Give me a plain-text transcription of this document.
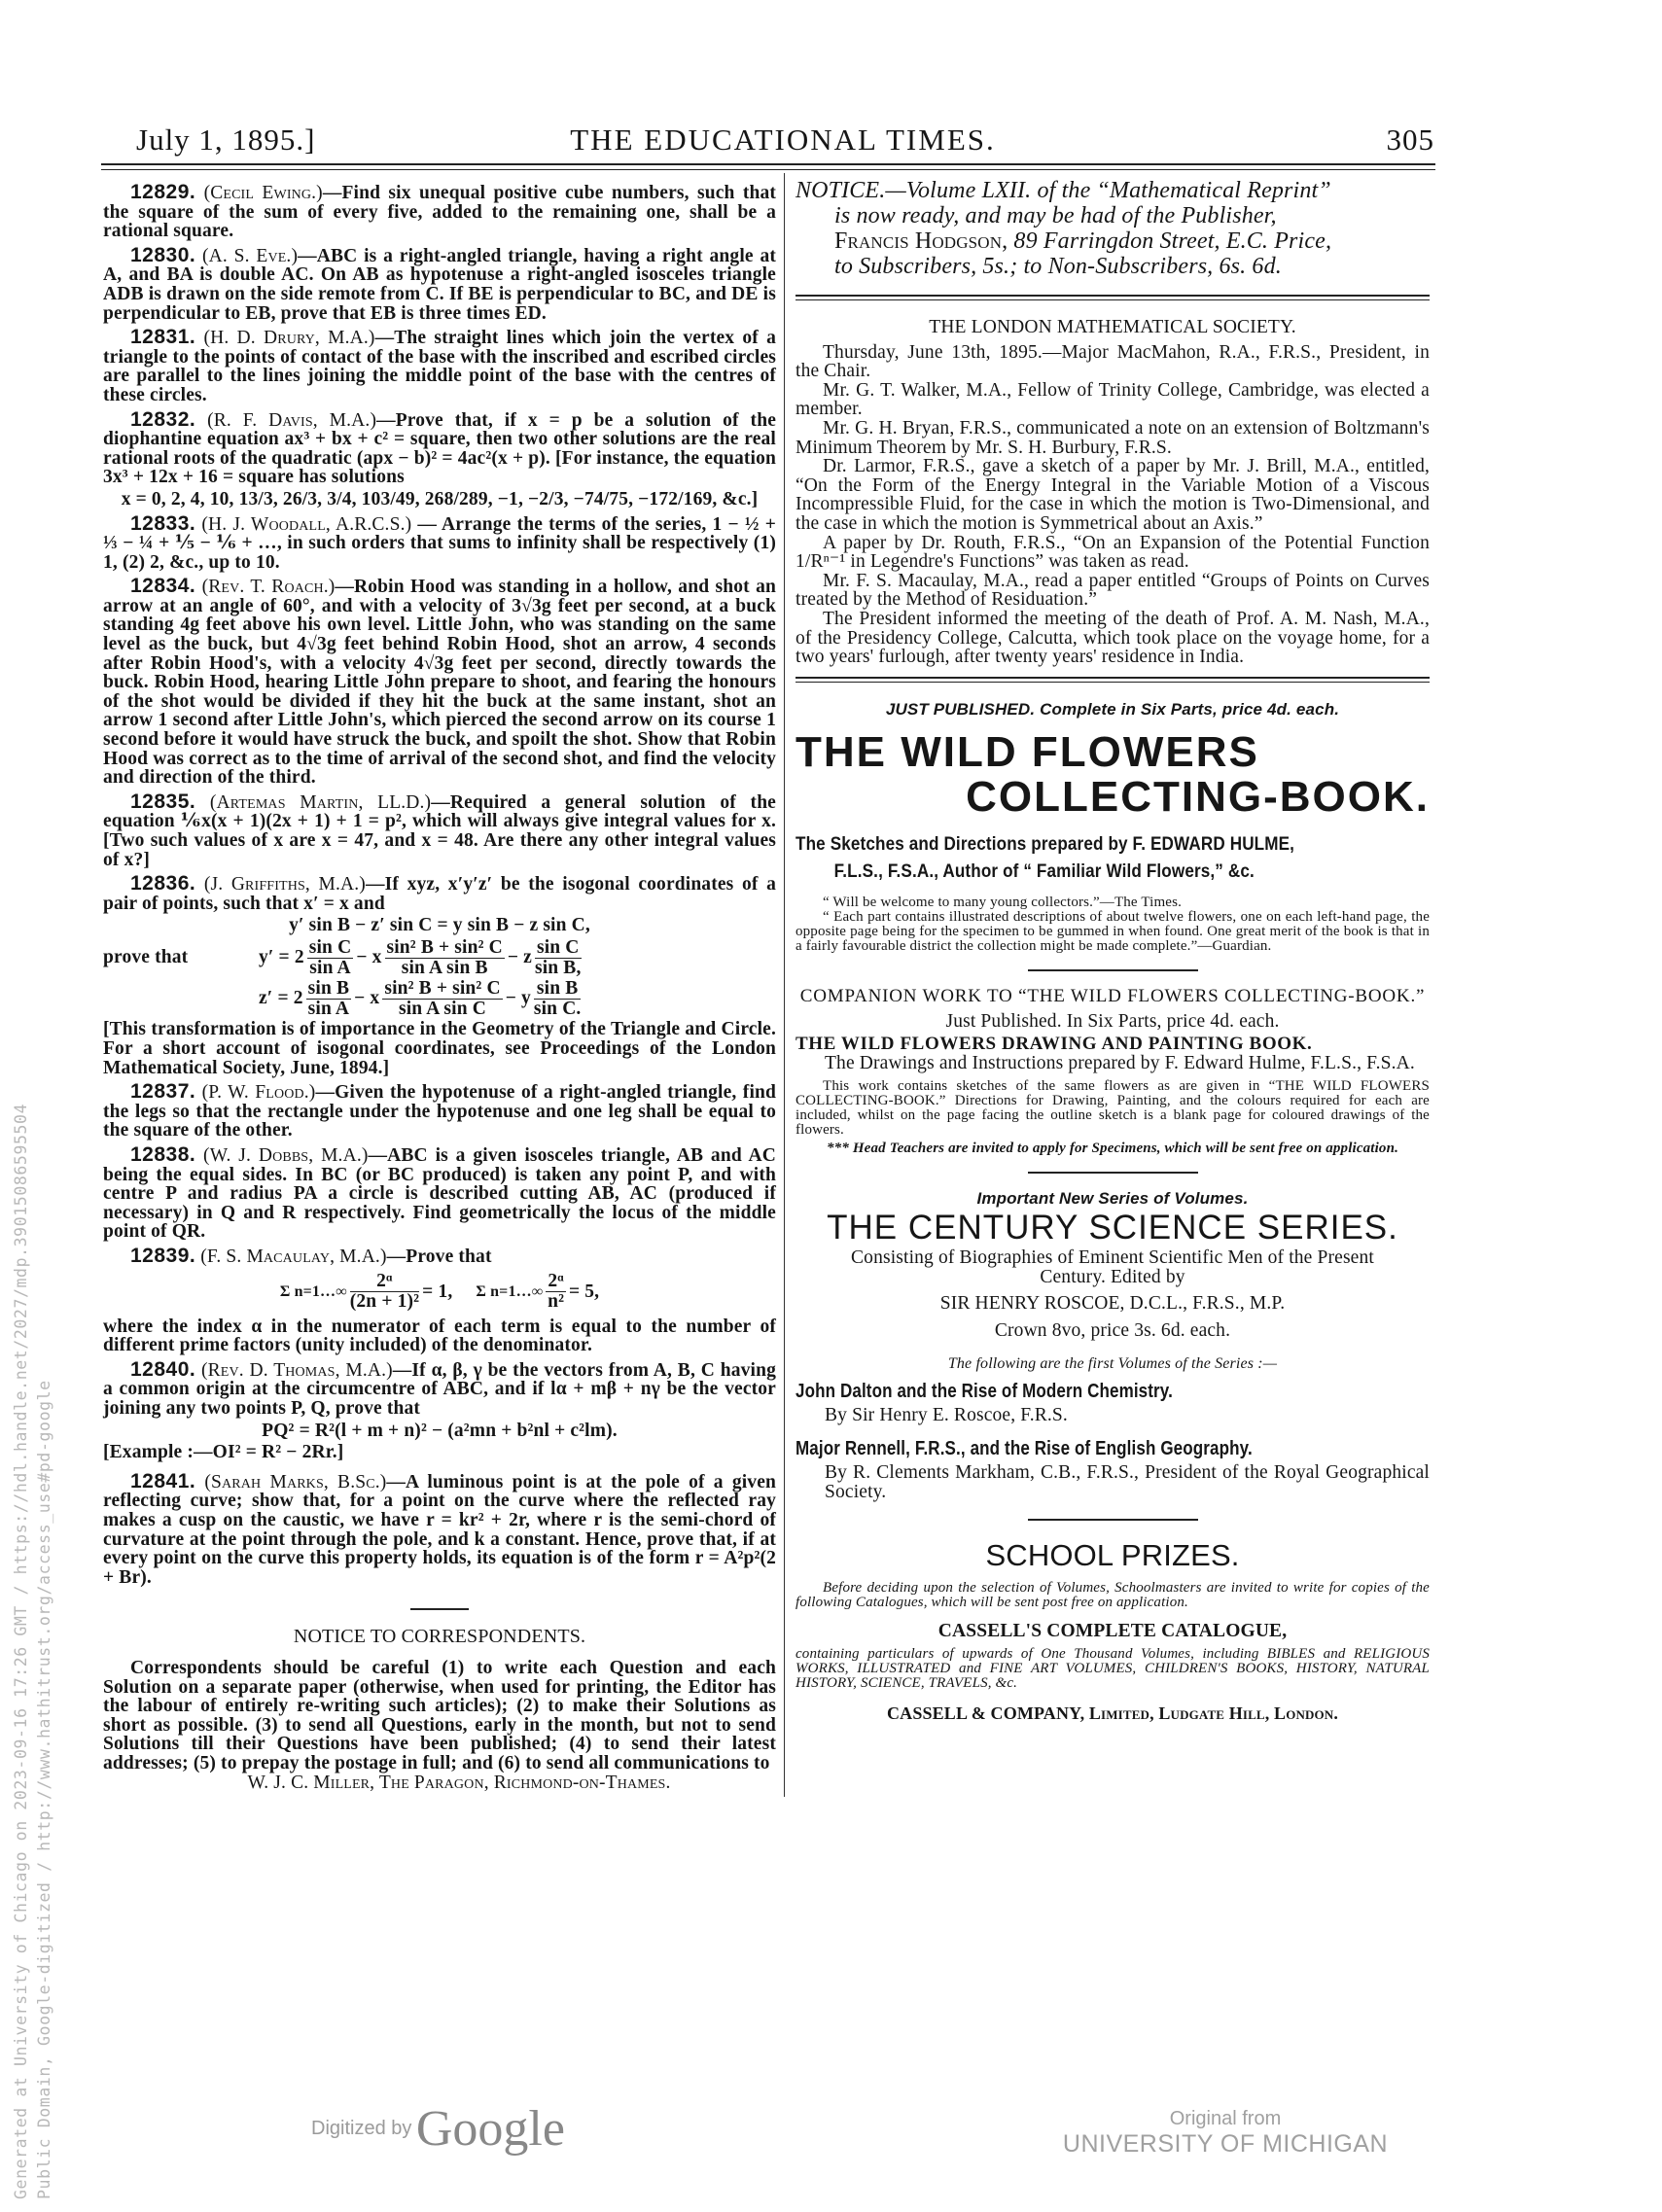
July 1, 1895.]	THE EDUCATIONAL TIMES.	305

12829. (Cecil Ewing.)—Find six unequal positive cube numbers, such that the square of the sum of every five, added to the remaining one, shall be a rational square.

12830. (A. S. Eve.)—ABC is a right-angled triangle, having a right angle at A, and BA is double AC. On AB as hypotenuse a right-angled isosceles triangle ADB is drawn on the side remote from C. If BE is perpendicular to BC, and DE is perpendicular to EB, prove that EB is three times ED.

12831. (H. D. Drury, M.A.)—The straight lines which join the vertex of a triangle to the points of contact of the base with the inscribed and escribed circles are parallel to the lines joining the middle point of the base with the centres of these circles.

12832. (R. F. Davis, M.A.)—Prove that, if x = p be a solution of the diophantine equation ax³ + bx + c² = square, then two other solutions are the real rational roots of the quadratic (apx − b)² = 4ac²(x + p). [For instance, the equation 3x³ + 12x + 16 = square has solutions

x = 0, 2, 4, 10, 13/3, 26/3, 3/4, 103/49, 268/289, −1, −2/3, −74/75, −172/169, &c.]

12833. (H. J. Woodall, A.R.C.S.) — Arrange the terms of the series, 1 − ½ + ⅓ − ¼ + ⅕ − ⅙ + …, in such orders that sums to infinity shall be respectively (1) 1, (2) 2, &c., up to 10.

12834. (Rev. T. Roach.)—Robin Hood was standing in a hollow, and shot an arrow at an angle of 60°, and with a velocity of 3√3g feet per second, at a buck standing 4g feet above his own level. Little John, who was standing on the same level as the buck, but 4√3g feet behind Robin Hood, shot an arrow, 4 seconds after Robin Hood's, with a velocity 4√3g feet per second, directly towards the buck. Robin Hood, hearing Little John prepare to shoot, and fearing the honours of the shot would be divided if they hit the buck at the same instant, shot an arrow 1 second after Little John's, which pierced the second arrow on its course 1 second before it would have struck the buck, and spoilt the shot. Show that Robin Hood was correct as to the time of arrival of the second shot, and find the velocity and direction of the third.

12835. (Artemas Martin, LL.D.)—Required a general solution of the equation ⅙x(x + 1)(2x + 1) + 1 = p², which will always give integral values for x. [Two such values of x are x = 47, and x = 48. Are there any other integral values of x?]

12836. (J. Griffiths, M.A.)—If xyz, x′y′z′ be the isogonal coordinates of a pair of points, such that x′ = x and

y′ sin B − z′ sin C = y sin B − z sin C,

prove that	y′ = 2 sin C
sin A − x sin² B + sin² C
sin A sin B	− z sin C
sin B,
z′ = 2 sin B
sin A − x sin² B + sin² C
sin A sin C	− y sin B
sin C.

[This transformation is of importance in the Geometry of the Triangle and Circle. For a short account of isogonal coordinates, see Proceedings of the London Mathematical Society, June, 1894.]

12837. (P. W. Flood.)—Given the hypotenuse of a right-angled triangle, find the legs so that the rectangle under the hypotenuse and one leg shall be equal to the square of the other.

12838. (W. J. Dobbs, M.A.)—ABC is a given isosceles triangle, AB and AC being the equal sides. In BC (or BC produced) is taken any point P, and with centre P and radius PA a circle is described cutting AB, AC (produced if necessary) in Q and R respectively. Find geometrically the locus of the middle point of QR.

12839. (F. S. Macaulay, M.A.)—Prove that

Σ n=1…∞ $\frac{\text{2ᵅ}}{\text{(2n + 1)²}} = 1$, Σ n=1…∞ $\frac{\text{2ᵅ}}{\text{n²}} = 5$,

where the index α in the numerator of each term is equal to the number of different prime factors (unity included) of the denominator.

12840. (Rev. D. Thomas, M.A.)—If α, β, γ be the vectors from A, B, C having a common origin at the circumcentre of ABC, and if lα + mβ + nγ be the vector joining any two points P, Q, prove that

PQ² = R²(l + m + n)² − (a²mn + b²nl + c²lm).

[Example :—OI² = R² − 2Rr.]

12841. (Sarah Marks, B.Sc.)—A luminous point is at the pole of a given reflecting curve; show that, for a point on the curve where the reflected ray makes a cusp on the caustic, we have r = kr² + 2r, where r is the semi-chord of curvature at the point through the pole, and k a constant. Hence, prove that, if at every point on the curve this property holds, its equation is of the form r = A²p²(2 + Br).

NOTICE TO CORRESPONDENTS.

Correspondents should be careful (1) to write each Question and each Solution on a separate paper (otherwise, when used for printing, the Editor has the labour of entirely re-writing such articles); (2) to make their Solutions as short as possible. (3) to send all Questions, early in the month, but not to send Solutions till their Questions have been published; (4) to send their latest addresses; (5) to prepay the postage in full; and (6) to send all communications to

W. J. C. Miller, The Paragon, Richmond-on-Thames.

NOTICE.—Volume LXII. of the “Mathematical Reprint”
is now ready, and may be had of the Publisher,
Francis Hodgson, 89 Farringdon Street, E.C. Price,
to Subscribers, 5s.; to Non-Subscribers, 6s. 6d.

THE LONDON MATHEMATICAL SOCIETY.

Thursday, June 13th, 1895.—Major MacMahon, R.A., F.R.S., President, in the Chair.

Mr. G. T. Walker, M.A., Fellow of Trinity College, Cambridge, was elected a member.

Mr. G. H. Bryan, F.R.S., communicated a note on an extension of Boltzmann's Minimum Theorem by Mr. S. H. Burbury, F.R.S.

Dr. Larmor, F.R.S., gave a sketch of a paper by Mr. J. Brill, M.A., entitled, “On the Form of the Energy Integral in the Variable Motion of a Viscous Incompressible Fluid, for the case in which the motion is Two-Dimensional, and the case in which the motion is Symmetrical about an Axis.”

A paper by Dr. Routh, F.R.S., “On an Expansion of the Potential Function 1/Rⁿ⁻¹ in Legendre's Functions” was taken as read.

Mr. F. S. Macaulay, M.A., read a paper entitled “Groups of Points on Curves treated by the Method of Residuation.”

The President informed the meeting of the death of Prof. A. M. Nash, M.A., of the Presidency College, Calcutta, which took place on the voyage home, for a two years' furlough, after twenty years' residence in India.

JUST PUBLISHED. Complete in Six Parts, price 4d. each.

THE WILD FLOWERS
COLLECTING-BOOK.
The Sketches and Directions prepared by F. EDWARD HULME,
F.L.S., F.S.A., Author of “ Familiar Wild Flowers,” &c.

“ Will be welcome to many young collectors.”—The Times.

“ Each part contains illustrated descriptions of about twelve flowers, one on each left-hand page, the opposite page being for the specimen to be gummed in when found. One great merit of the book is that in a fairly favourable district the collection might be made complete.”—Guardian.

COMPANION WORK TO “THE WILD FLOWERS COLLECTING-BOOK.”

Just Published. In Six Parts, price 4d. each.

THE WILD FLOWERS DRAWING AND PAINTING BOOK.
The Drawings and Instructions prepared by F. Edward Hulme, F.L.S., F.S.A.

This work contains sketches of the same flowers as are given in “THE WILD FLOWERS COLLECTING-BOOK.” Directions for Drawing, Painting, and the colours required for each are included, whilst on the page facing the outline sketch is a blank page for coloured drawings of the flowers.

*** Head Teachers are invited to apply for Specimens, which will be sent free on application.

Important New Series of Volumes.

THE CENTURY SCIENCE SERIES.

Consisting of Biographies of Eminent Scientific Men of the Present Century. Edited by

SIR HENRY ROSCOE, D.C.L., F.R.S., M.P.

Crown 8vo, price 3s. 6d. each.

The following are the first Volumes of the Series :—

John Dalton and the Rise of Modern Chemistry.
By Sir Henry E. Roscoe, F.R.S.
Major Rennell, F.R.S., and the Rise of English Geography.
By R. Clements Markham, C.B., F.R.S., President of the Royal Geographical Society.

SCHOOL PRIZES.

Before deciding upon the selection of Volumes, Schoolmasters are invited to write for copies of the following Catalogues, which will be sent post free on application.

CASSELL'S COMPLETE CATALOGUE,

containing particulars of upwards of One Thousand Volumes, including BIBLES and RELIGIOUS WORKS, ILLUSTRATED and FINE ART VOLUMES, CHILDREN'S BOOKS, HISTORY, NATURAL HISTORY, SCIENCE, TRAVELS, &c.

CASSELL & COMPANY, Limited, Ludgate Hill, London.

Generated at University of Chicago on 2023-09-16 17:26 GMT / https://hdl.handle.net/2027/mdp.39015086595504 Public Domain, Google-digitized / http://www.hathitrust.org/access_use#pd-google	Digitized by Google	Original from
UNIVERSITY OF MICHIGAN
